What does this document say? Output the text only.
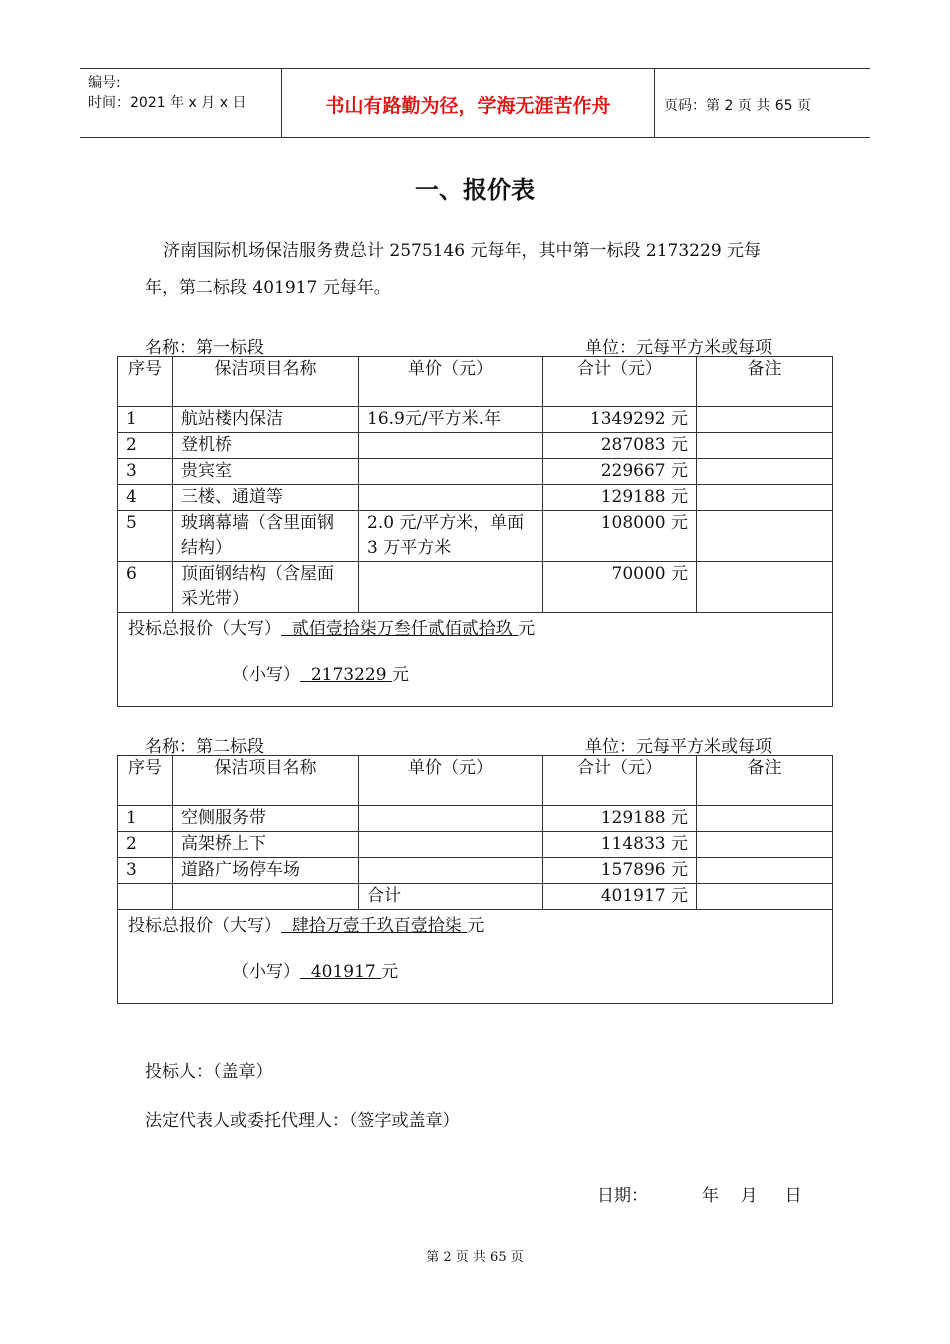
编号:
时间：2021 年 x 月 x 日	书山有路勤为径，学海无涯苦作舟	页码：第 2 页 共 65 页
一、报价表
济南国际机场保洁服务费总计 2575146 元每年，其中第一标段 2173229 元每
年，第二标段 401917 元每年。
名称：第一标段	单位：元每平方米或每项
序号	保洁项目名称	单价（元）	合计（元）	备注
1	航站楼内保洁	16.9元/平方米.年	1349292 元	
2	登机桥		287083 元	
3	贵宾室		229667 元	
4	三楼、通道等		129188 元	
5	玻璃幕墙（含里面钢结构）	2.0 元/平方米，单面 3 万平方米	108000 元	
6	顶面钢结构（含屋面采光带）		70000 元	

投标总报价（大写） 贰佰壹拾柒万叁仟贰佰贰拾玖 元
（小写） 2173229 元				
名称：第二标段	单位：元每平方米或每项
序号	保洁项目名称	单价（元）	合计（元）	备注
1	空侧服务带		129188 元	
2	高架桥上下		114833 元	
3	道路广场停车场		157896 元	
		合计	401917 元	

投标总报价（大写） 肆拾万壹千玖百壹拾柒 元
（小写） 401917 元				
投标人：（盖章）
法定代表人或委托代理人：（签字或盖章）
日期：	年    月     日
第 2 页 共 65 页
